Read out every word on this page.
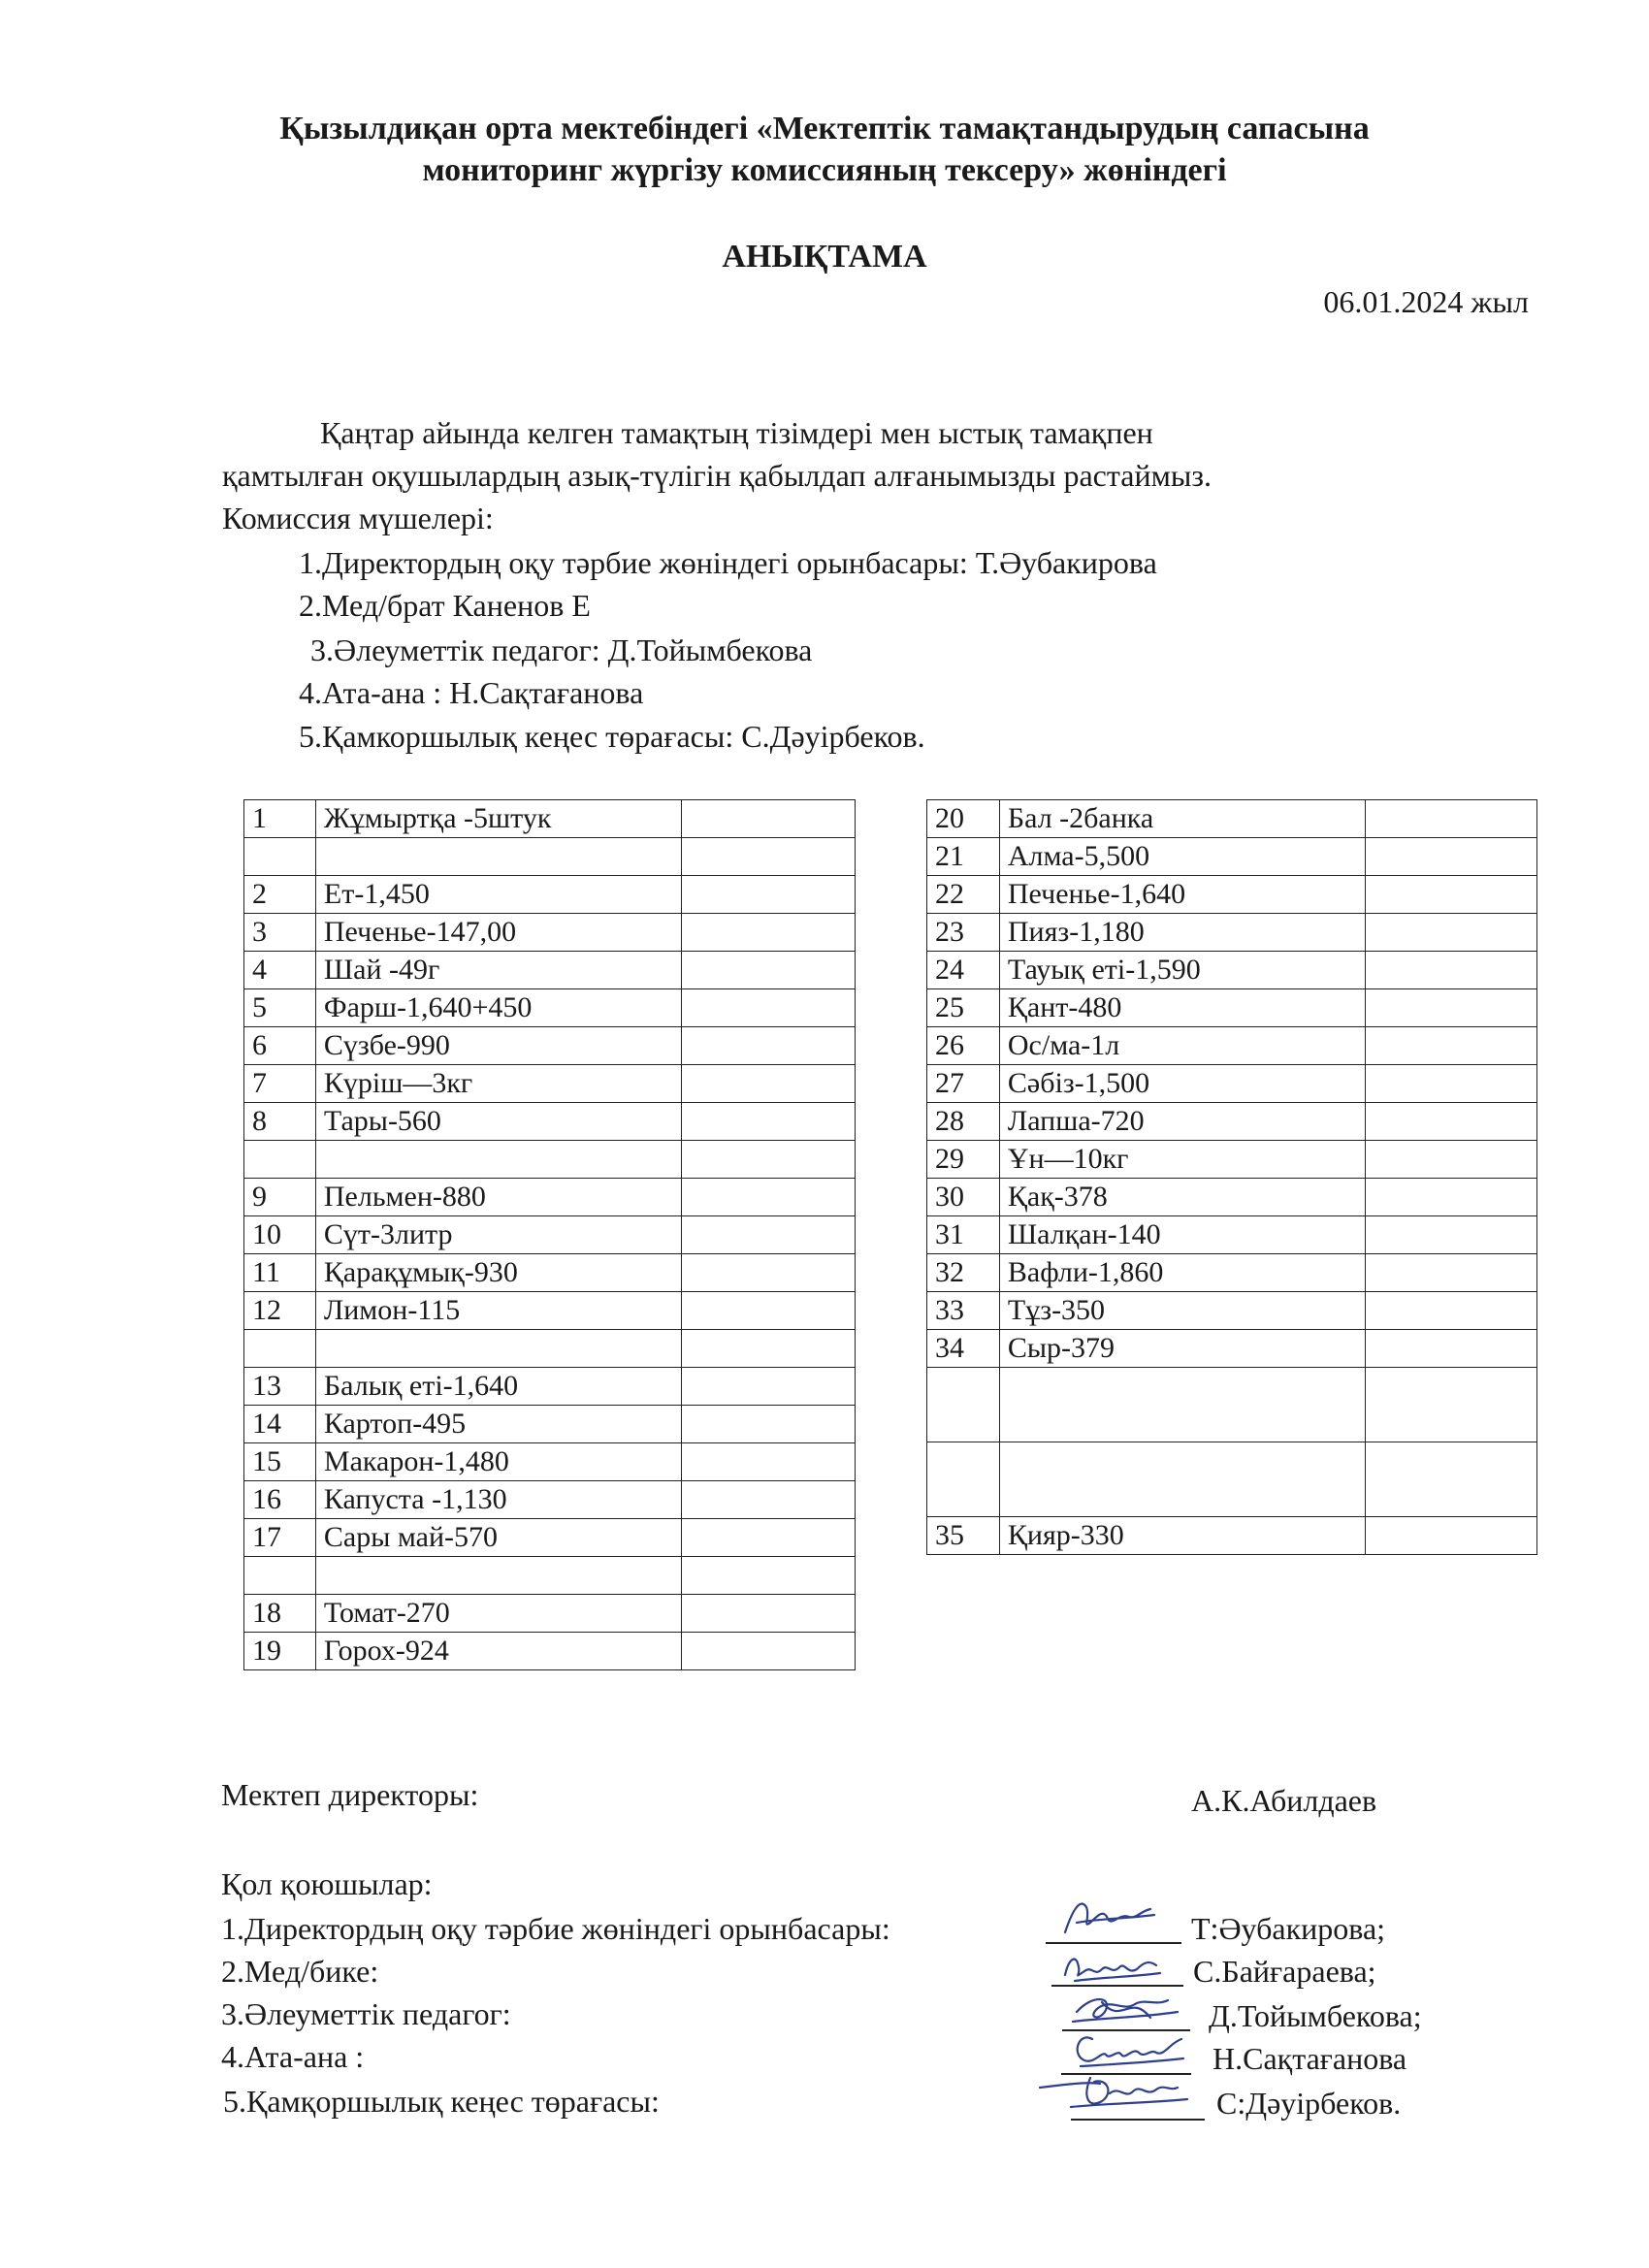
Қызылдиқан орта мектебіндегі «Мектептік тамақтандырудың сапасына
мониторинг жүргізу комиссияның тексеру» жөніндегі
АНЫҚТАМА
06.01.2024 жыл
Қаңтар айында келген тамақтың тізімдері мен ыстық тамақпен
қамтылған оқушылардың азық-түлігін қабылдап алғанымызды растаймыз.
Комиссия мүшелері:
1.Директордың оқу тәрбие жөніндегі орынбасары: Т.Әубакирова
2.Мед/брат Каненов Е
3.Әлеуметтік педагог: Д.Тойымбекова
4.Ата-ана : Н.Сақтағанова
5.Қамкоршылық кеңес төрағасы: С.Дәуірбеков.
1	Жұмыртқа -5штук	

2	Ет-1,450	
3	Печенье-147,00	
4	Шай -49г	
5	Фарш-1,640+450	
6	Сүзбе-990	
7	Күріш—3кг	
8	Тары-560	

9	Пельмен-880	
10	Сүт-3литр	
11	Қарақұмық-930	
12	Лимон-115	

13	Балық еті-1,640	
14	Картоп-495	
15	Макарон-1,480	
16	Капуста -1,130	
17	Сары май-570	

18	Томат-270	
19	Горох-924	
20	Бал -2банка	
21	Алма-5,500	
22	Печенье-1,640	
23	Пияз-1,180	
24	Тауық еті-1,590	
25	Қант-480	
26	Ос/ма-1л	
27	Сәбіз-1,500	
28	Лапша-720	
29	Ұн—10кг	
30	Қақ-378	
31	Шалқан-140	
32	Вафли-1,860	
33	Тұз-350	
34	Сыр-379	

35	Қияр-330	
Мектеп директоры:	А.К.Абилдаев
Қол қоюшылар:
1.Директордың оқу тәрбие жөніндегі орынбасары:
2.Мед/бике:
3.Әлеуметтік педагог:
4.Ата-ана :
5.Қамқоршылық кеңес төрағасы:
Т:Әубакирова;
С.Байғараева;
Д.Тойымбекова;
Н.Сақтағанова
С:Дәуірбеков.
